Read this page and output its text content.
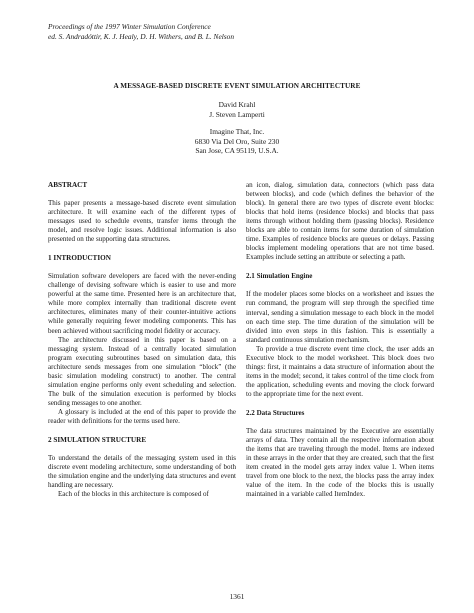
Proceedings of the 1997 Winter Simulation Conference
ed. S. Andradóttir, K. J. Healy, D. H. Withers, and B. L. Nelson
A MESSAGE-BASED DISCRETE EVENT SIMULATION ARCHITECTURE
David Krahl
J. Steven Lamperti
Imagine That, Inc.
6830 Via Del Oro, Suite 230
San Jose, CA 95119, U.S.A.
ABSTRACT

This paper presents a message-based discrete event simulation architecture. It will examine each of the different types of messages used to schedule events, transfer items through the model, and resolve logic issues. Additional information is also presented on the supporting data structures.

1 INTRODUCTION

Simulation software developers are faced with the never-ending challenge of devising software which is easier to use and more powerful at the same time. Presented here is an architecture that, while more complex internally than traditional discrete event architectures, eliminates many of their counter-intuitive actions while generally requiring fewer modeling components. This has been achieved without sacrificing model fidelity or accuracy.

The architecture discussed in this paper is based on a messaging system. Instead of a centrally located simulation program executing subroutines based on simulation data, this architecture sends messages from one simulation “block” (the basic simulation modeling construct) to another. The central simulation engine performs only event scheduling and selection. The bulk of the simulation execution is performed by blocks sending messages to one another.

A glossary is included at the end of this paper to provide the reader with definitions for the terms used here.

2 SIMULATION STRUCTURE

To understand the details of the messaging system used in this discrete event modeling architecture, some understanding of both the simulation engine and the underlying data structures and event handling are necessary.

Each of the blocks in this architecture is composed of

an icon, dialog, simulation data, connectors (which pass data between blocks), and code (which defines the behavior of the block). In general there are two types of discrete event blocks: blocks that hold items (residence blocks) and blocks that pass items through without holding them (passing blocks). Residence blocks are able to contain items for some duration of simulation time. Examples of residence blocks are queues or delays. Passing blocks implement modeling operations that are not time based. Examples include setting an attribute or selecting a path.

2.1 Simulation Engine

If the modeler places some blocks on a worksheet and issues the run command, the program will step through the specified time interval, sending a simulation message to each block in the model on each time step. The time duration of the simulation will be divided into even steps in this fashion. This is essentially a standard continuous simulation mechanism.

To provide a true discrete event time clock, the user adds an Executive block to the model worksheet. This block does two things: first, it maintains a data structure of information about the items in the model; second, it takes control of the time clock from the application, scheduling events and moving the clock forward to the appropriate time for the next event.

2.2 Data Structures

The data structures maintained by the Executive are essentially arrays of data. They contain all the respective information about the items that are traveling through the model. Items are indexed in these arrays in the order that they are created, such that the first item created in the model gets array index value 1. When items travel from one block to the next, the blocks pass the array index value of the item. In the code of the blocks this is usually maintained in a variable called ItemIndex.

1361
